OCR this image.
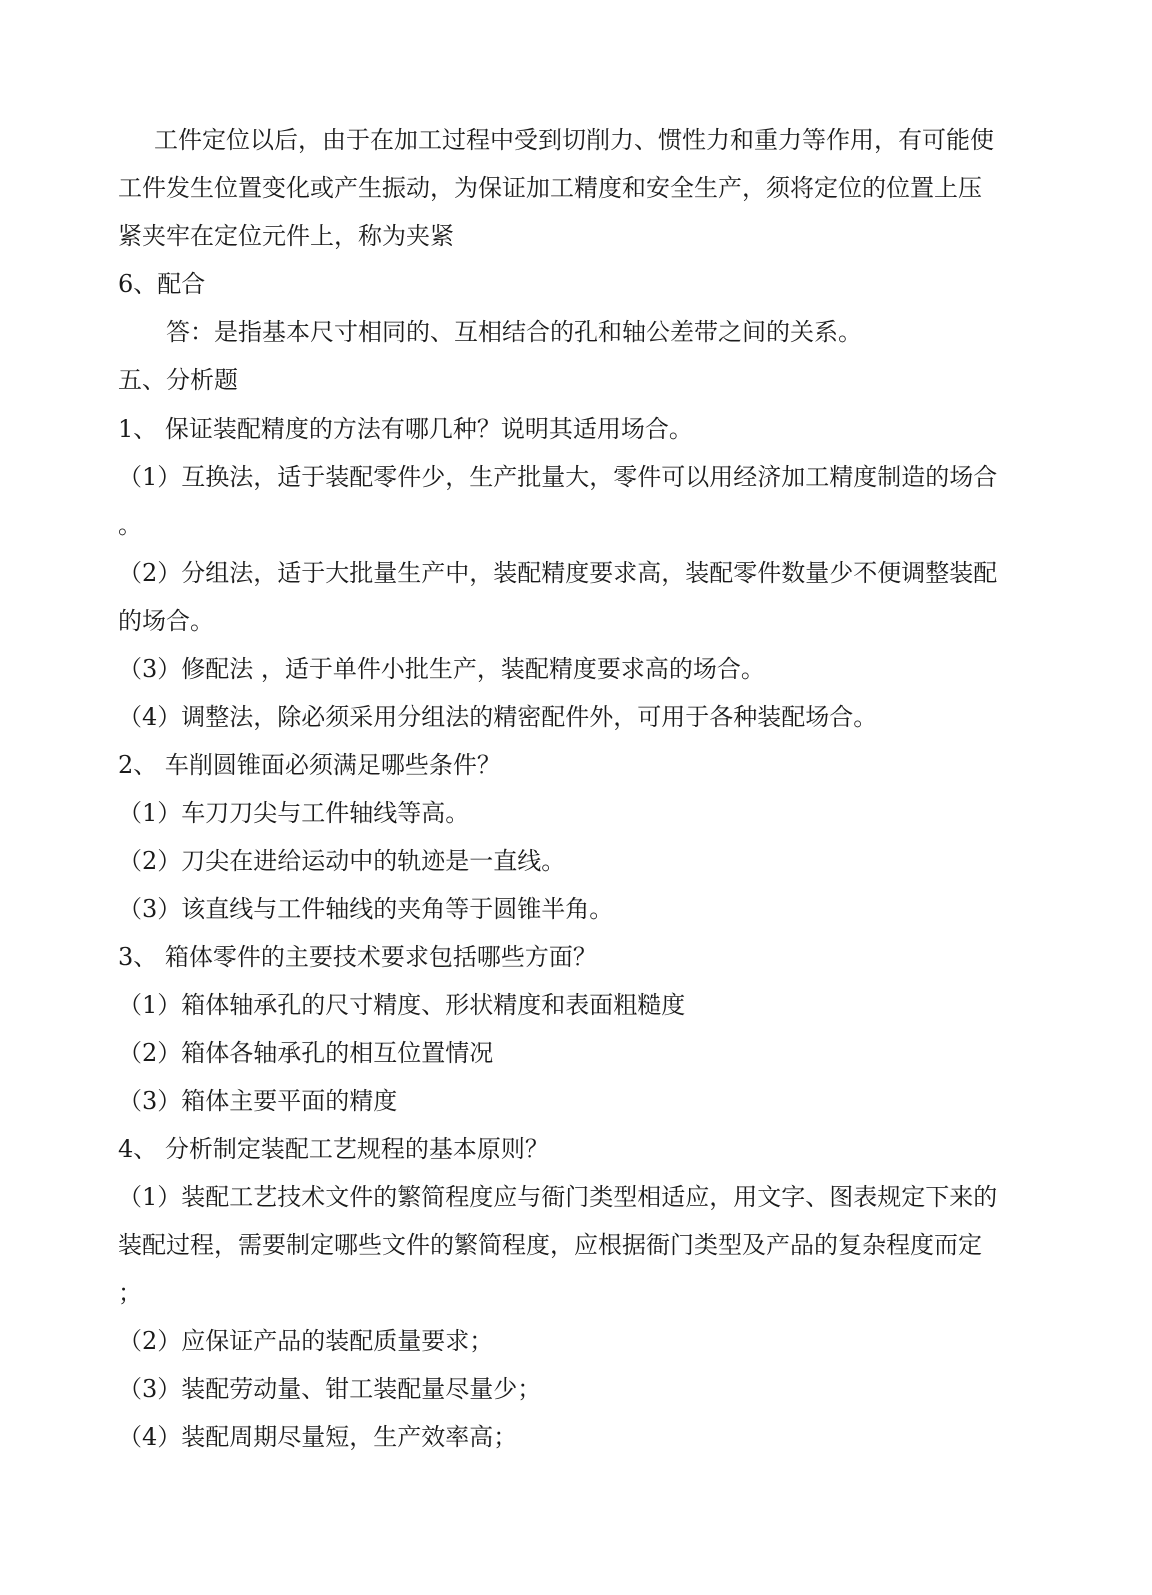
工件定位以后，由于在加工过程中受到切削力、惯性力和重力等作用，有可能使
工件发生位置变化或产生振动，为保证加工精度和安全生产，须将定位的位置上压
紧夹牢在定位元件上，称为夹紧
6、配合
答：是指基本尺寸相同的、互相结合的孔和轴公差带之间的关系。
五、分析题
1、 保证装配精度的方法有哪几种？说明其适用场合。
（1）互换法，适于装配零件少，生产批量大，零件可以用经济加工精度制造的场合
。
（2）分组法，适于大批量生产中，装配精度要求高，装配零件数量少不便调整装配
的场合。
（3）修配法 ，适于单件小批生产，装配精度要求高的场合。
（4）调整法，除必须采用分组法的精密配件外，可用于各种装配场合。
2、 车削圆锥面必须满足哪些条件？
（1）车刀刀尖与工件轴线等高。
（2）刀尖在进给运动中的轨迹是一直线。
（3）该直线与工件轴线的夹角等于圆锥半角。
3、 箱体零件的主要技术要求包括哪些方面？
（1）箱体轴承孔的尺寸精度、形状精度和表面粗糙度
（2）箱体各轴承孔的相互位置情况
（3）箱体主要平面的精度
4、 分析制定装配工艺规程的基本原则？
（1）装配工艺技术文件的繁简程度应与衙门类型相适应，用文字、图表规定下来的
装配过程，需要制定哪些文件的繁简程度，应根据衙门类型及产品的复杂程度而定
；
（2）应保证产品的装配质量要求；
（3）装配劳动量、钳工装配量尽量少；
（4）装配周期尽量短，生产效率高；
